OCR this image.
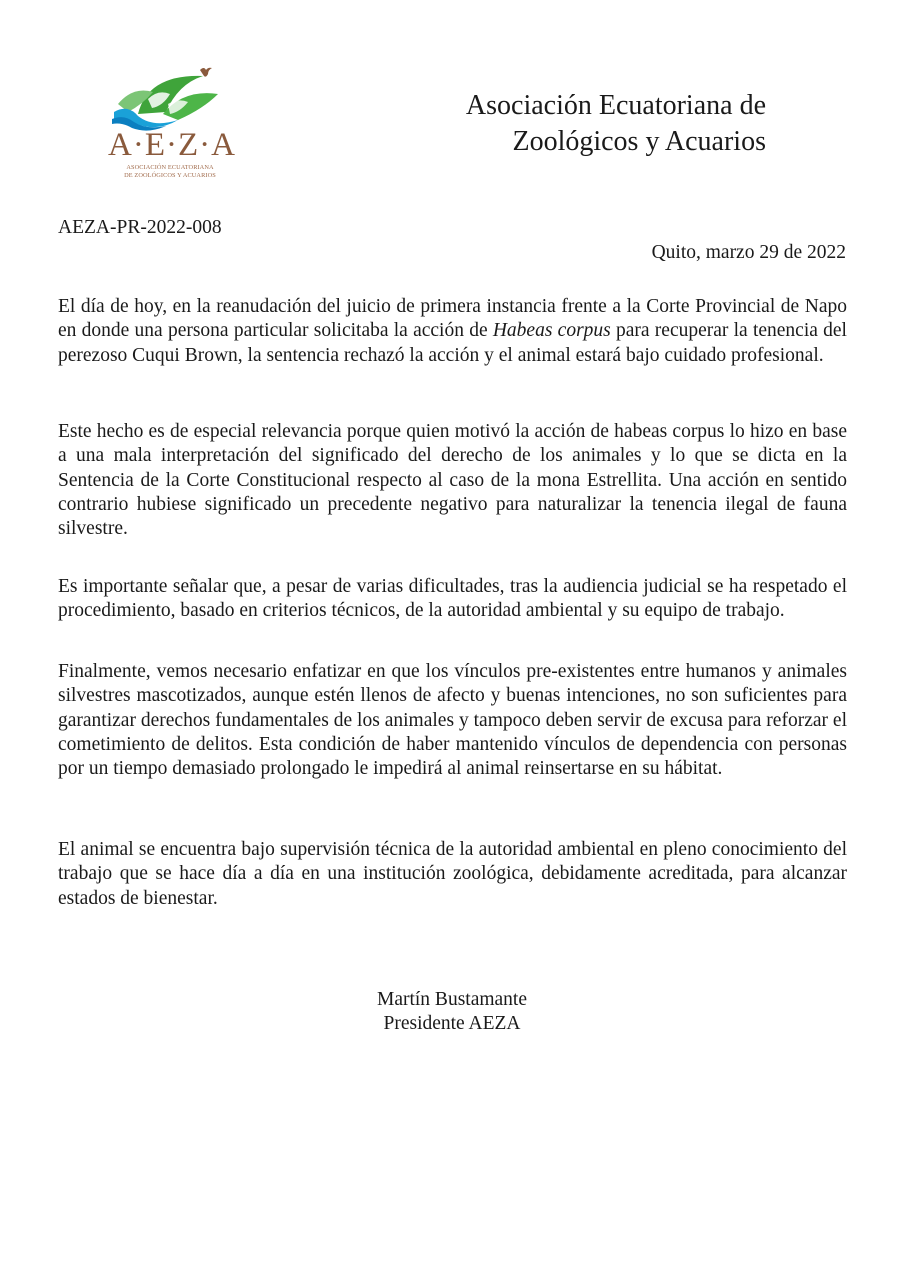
A·E·Z·A
ASOCIACIÓN ECUATORIANA
DE ZOOLÓGICOS Y ACUARIOS
Asociación Ecuatoriana de
Zoológicos y Acuarios
AEZA-PR-2022-008
Quito, marzo 29 de 2022

El día de hoy, en la reanudación del juicio de primera instancia frente a la Corte Provincial de Napo en donde una persona particular solicitaba la acción de Habeas corpus para recuperar la tenencia del perezoso Cuqui Brown, la sentencia rechazó la acción y el animal estará bajo cuidado profesional.

Este hecho es de especial relevancia porque quien motivó la acción de habeas corpus lo hizo en base a una mala interpretación del significado del derecho de los animales y lo que se dicta en la Sentencia de la Corte Constitucional respecto al caso de la mona Estrellita. Una acción en sentido contrario hubiese significado un precedente negativo para naturalizar la tenencia ilegal de fauna silvestre.

Es importante señalar que, a pesar de varias dificultades, tras la audiencia judicial se ha respetado el procedimiento, basado en criterios técnicos, de la autoridad ambiental y su equipo de trabajo.

Finalmente, vemos necesario enfatizar en que los vínculos pre-existentes entre humanos y animales silvestres mascotizados, aunque estén llenos de afecto y buenas intenciones, no son suficientes para garantizar derechos fundamentales de los animales y tampoco deben servir de excusa para reforzar el cometimiento de delitos. Esta condición de haber mantenido vínculos de dependencia con personas por un tiempo demasiado prolongado le impedirá al animal reinsertarse en su hábitat.

El animal se encuentra bajo supervisión técnica de la autoridad ambiental en pleno conocimiento del trabajo que se hace día a día en una institución zoológica, debidamente acreditada, para alcanzar estados de bienestar.

Martín Bustamante
Presidente AEZA
